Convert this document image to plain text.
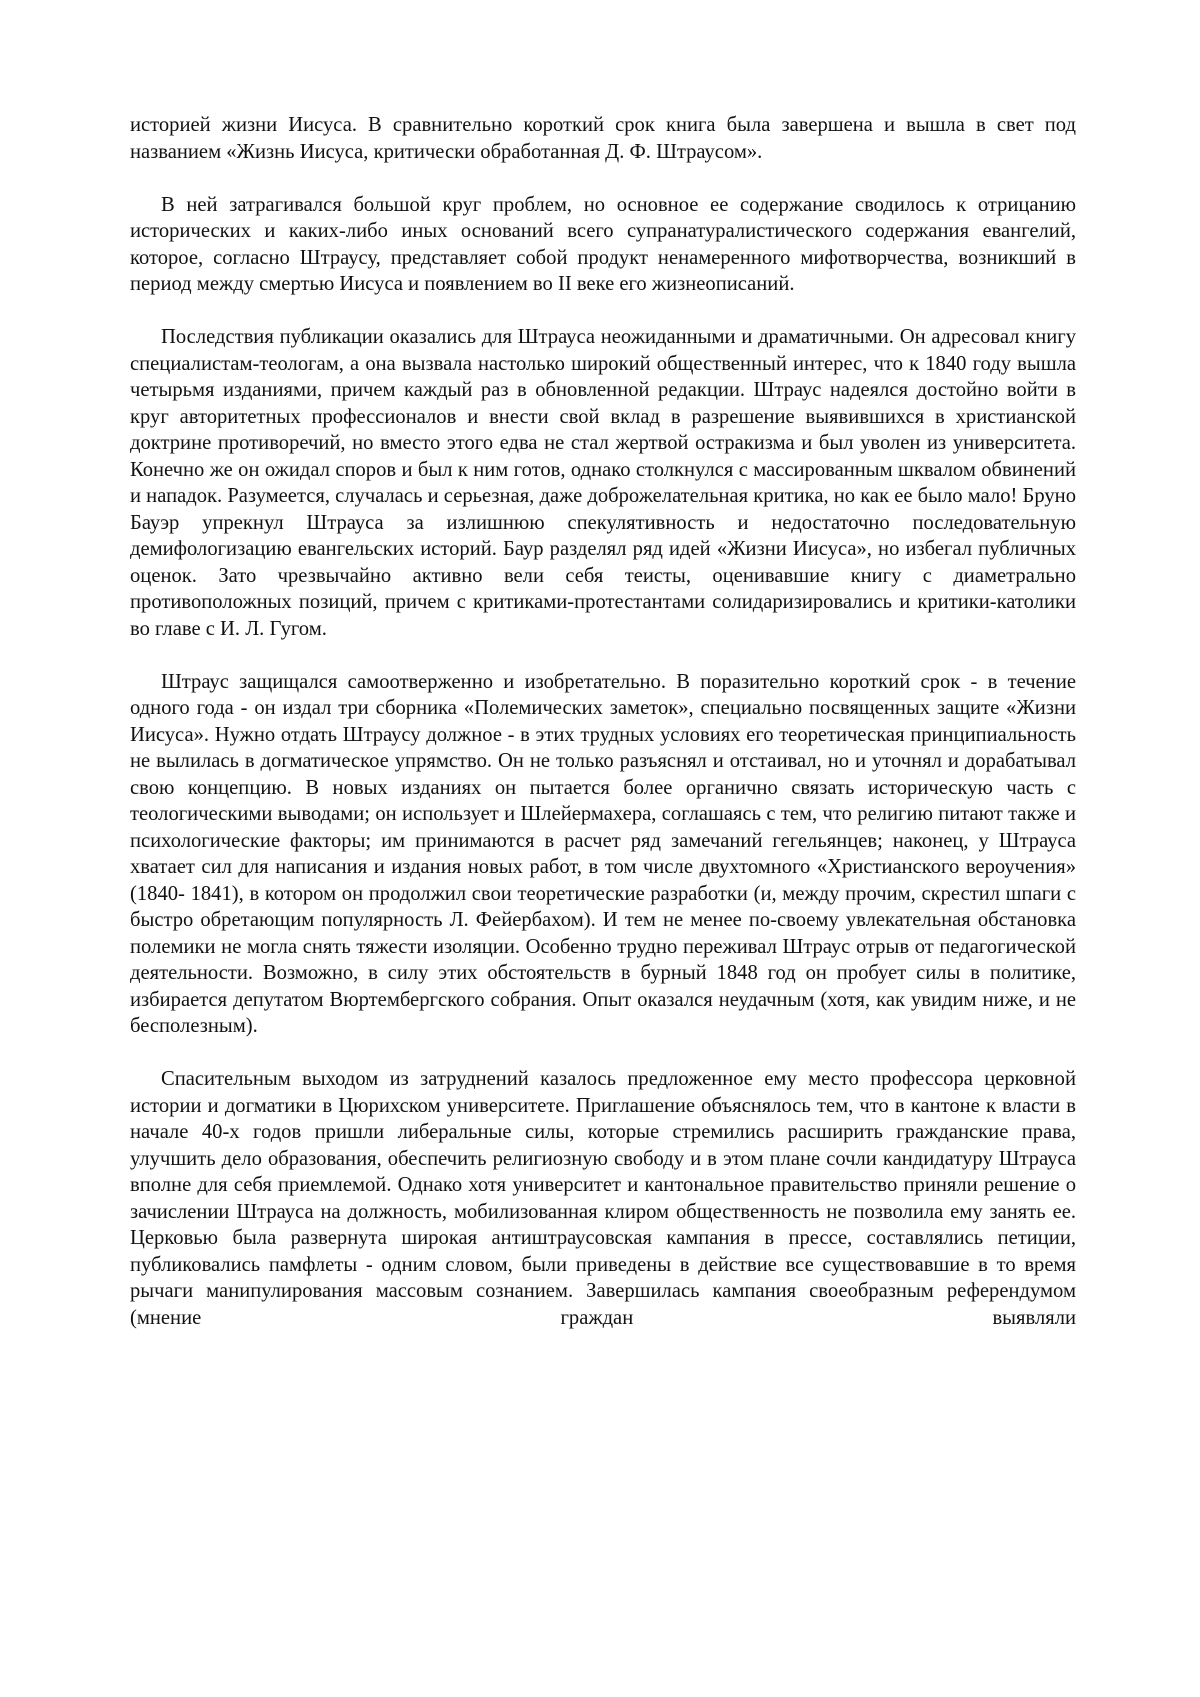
историей жизни Иисуса. В сравнительно короткий срок книга была завершена и вышла в свет под названием «Жизнь Иисуса, критически обработанная Д. Ф. Штраусом».

В ней затрагивался большой круг проблем, но основное ее содержание сводилось к отрицанию исторических и каких-либо иных оснований всего супранатуралистического содержания евангелий, которое, согласно Штраусу, представляет собой продукт ненамеренного мифотворчества, возникший в период между смертью Иисуса и появлением во II веке его жизнеописаний.

Последствия публикации оказались для Штрауса неожиданными и драматичными. Он адресовал книгу специалистам-теологам, а она вызвала настолько широкий общественный интерес, что к 1840 году вышла четырьмя изданиями, причем каждый раз в обновленной редакции. Штраус надеялся достойно войти в круг авторитетных профессионалов и внести свой вклад в разрешение выявившихся в христианской доктрине противоречий, но вместо этого едва не стал жертвой остракизма и был уволен из университета. Конечно же он ожидал споров и был к ним готов, однако столкнулся с массированным шквалом обвинений и нападок. Разумеется, случалась и серьезная, даже доброжелательная критика, но как ее было мало! Бруно Бауэр упрекнул Штрауса за излишнюю спекулятивность и недостаточно последовательную демифологизацию евангельских историй. Баур разделял ряд идей «Жизни Иисуса», но избегал публичных оценок. Зато чрезвычайно активно вели себя теисты, оценивавшие книгу с диаметрально противоположных позиций, причем с критиками-протестантами солидаризировались и критики-католики во главе с И. Л. Гугом.

Штраус защищался самоотверженно и изобретательно. В поразительно короткий срок - в течение одного года - он издал три сборника «Полемических заметок», специально посвященных защите «Жизни Иисуса». Нужно отдать Штраусу должное - в этих трудных условиях его теоретическая принципиальность не вылилась в догматическое упрямство. Он не только разъяснял и отстаивал, но и уточнял и дорабатывал свою концепцию. В новых изданиях он пытается более органично связать историческую часть с теологическими выводами; он использует и Шлейермахера, соглашаясь с тем, что религию питают также и психологические факторы; им принимаются в расчет ряд замечаний гегельянцев; наконец, у Штрауса хватает сил для написания и издания новых работ, в том числе двухтомного «Христианского вероучения» (1840- 1841), в котором он продолжил свои теоретические разработки (и, между прочим, скрестил шпаги с быстро обретающим популярность Л. Фейербахом). И тем не менее по-своему увлекательная обстановка полемики не могла снять тяжести изоляции. Особенно трудно переживал Штраус отрыв от педагогической деятельности. Возможно, в силу этих обстоятельств в бурный 1848 год он пробует силы в политике, избирается депутатом Вюртембергского собрания. Опыт оказался неудачным (хотя, как увидим ниже, и не бесполезным).

Спасительным выходом из затруднений казалось предложенное ему место профессора церковной истории и догматики в Цюрихском университете. Приглашение объяснялось тем, что в кантоне к власти в начале 40-х годов пришли либеральные силы, которые стремились расширить гражданские права, улучшить дело образования, обеспечить религиозную свободу и в этом плане сочли кандидатуру Штрауса вполне для себя приемлемой. Однако хотя университет и кантональное правительство приняли решение о зачислении Штрауса на должность, мобилизованная клиром общественность не позволила ему занять ее. Церковью была развернута широкая антиштраусовская кампания в прессе, составлялись петиции, публиковались памфлеты - одним словом, были приведены в действие все существовавшие в то время рычаги манипулирования массовым сознанием. Завершилась кампания своеобразным референдумом (мнение граждан выявляли
